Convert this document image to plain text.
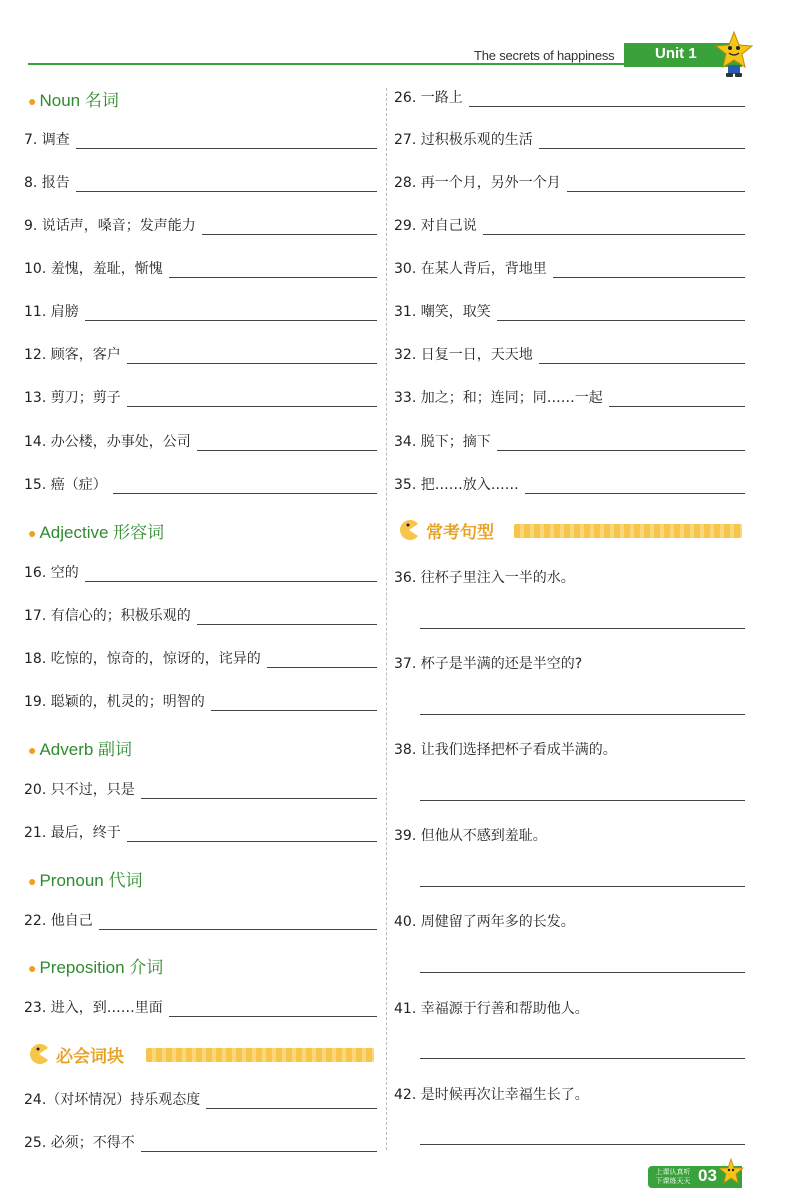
The secrets of happiness	Unit 1
● Noun 名词
7. 调查
8. 报告
9. 说话声，嗓音；发声能力
10. 羞愧，羞耻，惭愧
11. 肩膀
12. 顾客，客户
13. 剪刀；剪子
14. 办公楼，办事处，公司
15. 癌（症）
● Adjective 形容词
16. 空的
17. 有信心的；积极乐观的
18. 吃惊的，惊奇的，惊讶的，诧异的
19. 聪颖的，机灵的；明智的
● Adverb 副词
20. 只不过，只是
21. 最后，终于
● Pronoun 代词
22. 他自己
● Preposition 介词
23. 进入，到……里面
必会词块
24.（对坏情况）持乐观态度
25. 必须；不得不
26. 一路上
27. 过积极乐观的生活
28. 再一个月，另外一个月
29. 对自己说
30. 在某人背后，背地里
31. 嘲笑，取笑
32. 日复一日，天天地
33. 加之；和；连同；同……一起
34. 脱下；摘下
35. 把……放入……
常考句型
36. 往杯子里注入一半的水。
37. 杯子是半满的还是半空的?
38. 让我们选择把杯子看成半满的。
39. 但他从不感到羞耻。
40. 周健留了两年多的长发。
41. 幸福源于行善和帮助他人。
42. 是时候再次让幸福生长了。
上课认真听
下课练天天 03
